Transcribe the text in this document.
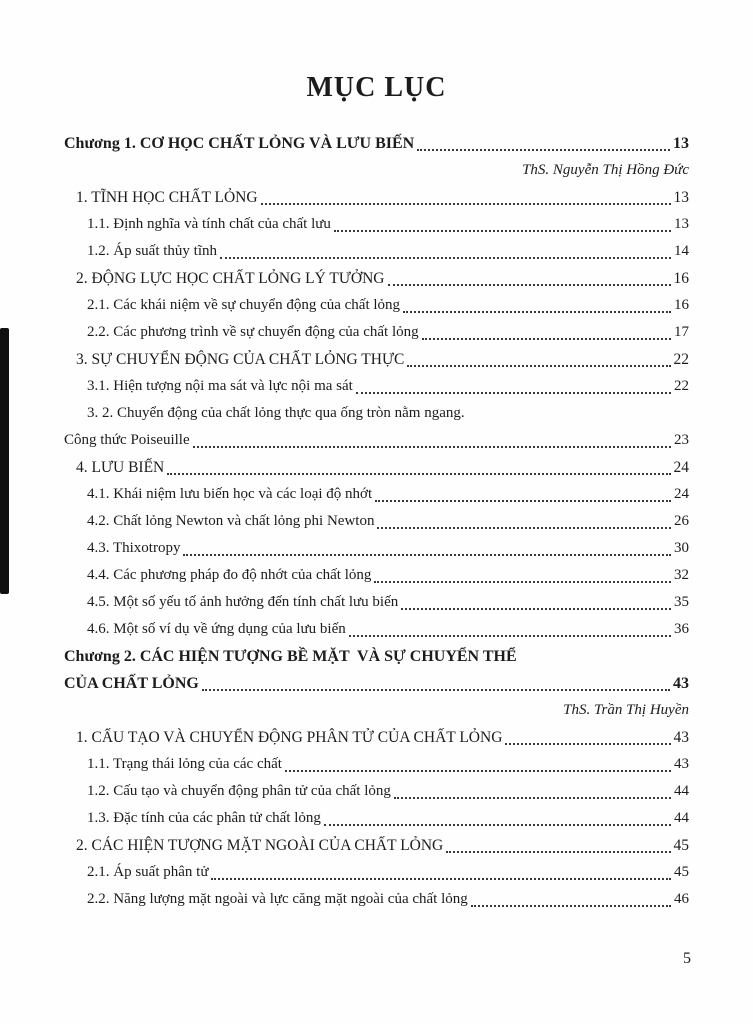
MỤC LỤC
Chương 1. CƠ HỌC CHẤT LỎNG VÀ LƯU BIẾN	13
ThS. Nguyễn Thị Hồng Đức
1. TĨNH HỌC CHẤT LỎNG	13
1.1. Định nghĩa và tính chất của chất lưu	13
1.2. Áp suất thủy tĩnh	14
2. ĐỘNG LỰC HỌC CHẤT LỎNG LÝ TƯỞNG	16
2.1. Các khái niệm về sự chuyển động của chất lỏng	16
2.2. Các phương trình về sự chuyển động của chất lỏng	17
3. SỰ CHUYỂN ĐỘNG CỦA CHẤT LỎNG THỰC	22
3.1. Hiện tượng nội ma sát và lực nội ma sát	22
3. 2. Chuyển động của chất lỏng thực qua ống tròn nằm ngang.
Công thức Poiseuille	23
4. LƯU BIẾN	24
4.1. Khái niệm lưu biến học và các loại độ nhớt	24
4.2. Chất lỏng Newton và chất lỏng phi Newton	26
4.3. Thixotropy	30
4.4. Các phương pháp đo độ nhớt của chất lỏng	32
4.5. Một số yếu tố ảnh hưởng đến tính chất lưu biến	35
4.6. Một số ví dụ về ứng dụng của lưu biến	36
Chương 2. CÁC HIỆN TƯỢNG BỀ MẶT  VÀ SỰ CHUYỂN THỂ
CỦA CHẤT LỎNG	43
ThS. Trần Thị Huyền
1. CẤU TẠO VÀ CHUYỂN ĐỘNG PHÂN TỬ CỦA CHẤT LỎNG	43
1.1. Trạng thái lỏng của các chất	43
1.2. Cấu tạo và chuyển động phân tử của chất lỏng	44
1.3. Đặc tính của các phân tử chất lỏng	44
2. CÁC HIỆN TƯỢNG MẶT NGOÀI CỦA CHẤT LỎNG	45
2.1. Áp suất phân tử	45
2.2. Năng lượng mặt ngoài và lực căng mặt ngoài của chất lỏng	46
5
